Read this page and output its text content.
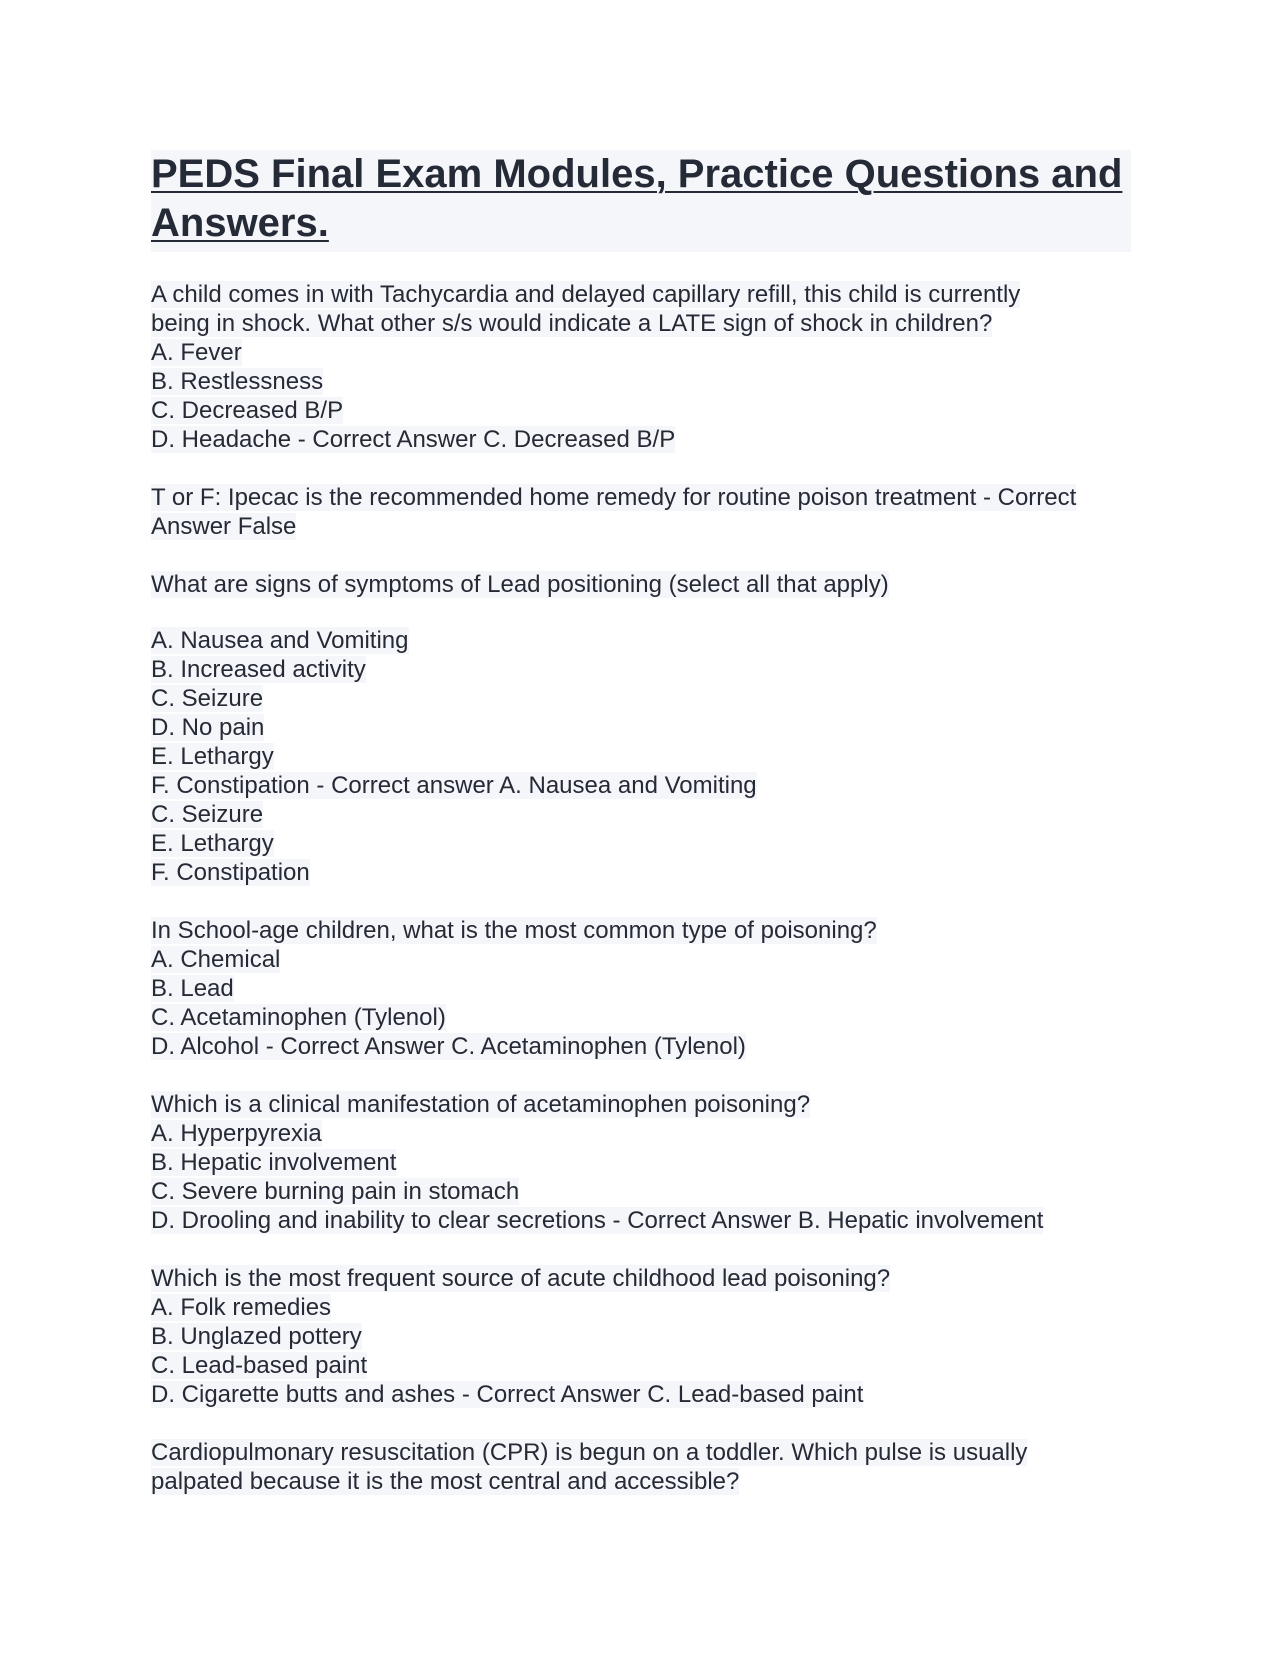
PEDS Final Exam Modules, Practice Questions and Answers.
A child comes in with Tachycardia and delayed capillary refill, this child is currently
being in shock. What other s/s would indicate a LATE sign of shock in children?
A. Fever
B. Restlessness
C. Decreased B/P
D. Headache - Correct Answer C. Decreased B/P
T or F: Ipecac is the recommended home remedy for routine poison treatment - Correct
Answer False
What are signs of symptoms of Lead positioning (select all that apply)
A. Nausea and Vomiting
B. Increased activity
C. Seizure
D. No pain
E. Lethargy
F. Constipation - Correct answer A. Nausea and Vomiting
C. Seizure
E. Lethargy
F. Constipation
In School-age children, what is the most common type of poisoning?
A. Chemical
B. Lead
C. Acetaminophen (Tylenol)
D. Alcohol - Correct Answer C. Acetaminophen (Tylenol)
Which is a clinical manifestation of acetaminophen poisoning?
A. Hyperpyrexia
B. Hepatic involvement
C. Severe burning pain in stomach
D. Drooling and inability to clear secretions - Correct Answer B. Hepatic involvement
Which is the most frequent source of acute childhood lead poisoning?
A. Folk remedies
B. Unglazed pottery
C. Lead-based paint
D. Cigarette butts and ashes - Correct Answer C. Lead-based paint
Cardiopulmonary resuscitation (CPR) is begun on a toddler. Which pulse is usually
palpated because it is the most central and accessible?
